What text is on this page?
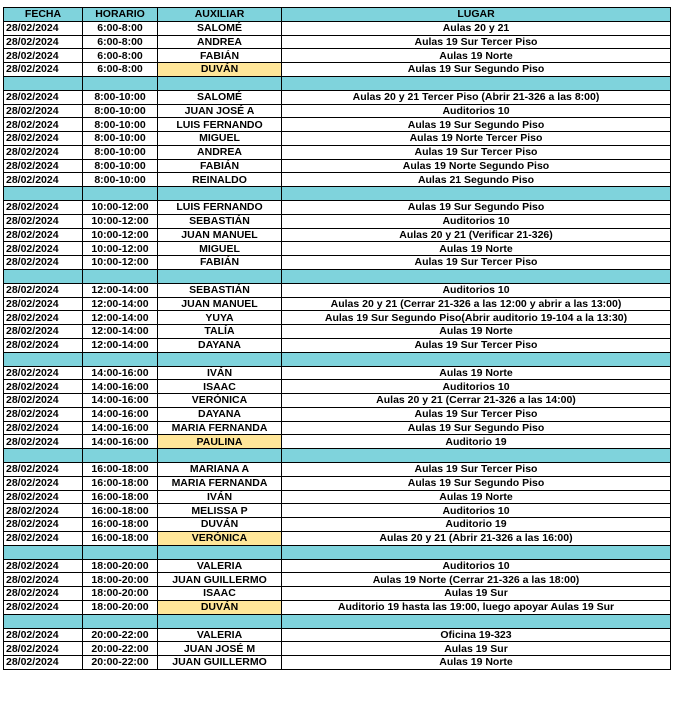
FECHA	HORARIO	AUXILIAR	LUGAR
28/02/2024	6:00-8:00	SALOMÉ	Aulas 20 y 21
28/02/2024	6:00-8:00	ANDREA	Aulas 19 Sur Tercer Piso
28/02/2024	6:00-8:00	FABIÁN	Aulas 19 Norte
28/02/2024	6:00-8:00	DUVÁN	Aulas 19 Sur Segundo Piso

28/02/2024	8:00-10:00	SALOMÉ	Aulas 20 y 21 Tercer Piso (Abrir 21-326 a las 8:00)
28/02/2024	8:00-10:00	JUAN JOSÉ A	Auditorios 10
28/02/2024	8:00-10:00	LUIS FERNANDO	Aulas 19 Sur Segundo Piso
28/02/2024	8:00-10:00	MIGUEL	Aulas 19 Norte Tercer Piso
28/02/2024	8:00-10:00	ANDREA	Aulas 19 Sur Tercer Piso
28/02/2024	8:00-10:00	FABIÁN	Aulas 19 Norte Segundo Piso
28/02/2024	8:00-10:00	REINALDO	Aulas 21 Segundo Piso

28/02/2024	10:00-12:00	LUIS FERNANDO	Aulas 19 Sur Segundo Piso
28/02/2024	10:00-12:00	SEBASTIÁN	Auditorios 10
28/02/2024	10:00-12:00	JUAN MANUEL	Aulas 20 y 21 (Verificar 21-326)
28/02/2024	10:00-12:00	MIGUEL	Aulas 19 Norte
28/02/2024	10:00-12:00	FABIÁN	Aulas 19 Sur Tercer Piso

28/02/2024	12:00-14:00	SEBASTIÁN	Auditorios 10
28/02/2024	12:00-14:00	JUAN MANUEL	Aulas 20 y 21 (Cerrar 21-326 a las 12:00 y abrir a las 13:00)
28/02/2024	12:00-14:00	YUYA	Aulas 19 Sur Segundo Piso(Abrir auditorio 19-104 a la 13:30)
28/02/2024	12:00-14:00	TALÍA	Aulas 19 Norte
28/02/2024	12:00-14:00	DAYANA	Aulas 19 Sur Tercer Piso

28/02/2024	14:00-16:00	IVÁN	Aulas 19 Norte
28/02/2024	14:00-16:00	ISAAC	Auditorios 10
28/02/2024	14:00-16:00	VERÓNICA	Aulas 20 y 21 (Cerrar 21-326 a las 14:00)
28/02/2024	14:00-16:00	DAYANA	Aulas 19 Sur Tercer Piso
28/02/2024	14:00-16:00	MARIA FERNANDA	Aulas 19 Sur Segundo Piso
28/02/2024	14:00-16:00	PAULINA	Auditorio 19

28/02/2024	16:00-18:00	MARIANA A	Aulas 19 Sur Tercer Piso
28/02/2024	16:00-18:00	MARIA FERNANDA	Aulas 19 Sur Segundo Piso
28/02/2024	16:00-18:00	IVÁN	Aulas 19 Norte
28/02/2024	16:00-18:00	MELISSA P	Auditorios 10
28/02/2024	16:00-18:00	DUVÁN	Auditorio 19
28/02/2024	16:00-18:00	VERÓNICA	Aulas 20 y 21 (Abrir 21-326 a las 16:00)

28/02/2024	18:00-20:00	VALERIA	Auditorios 10
28/02/2024	18:00-20:00	JUAN GUILLERMO	Aulas 19 Norte (Cerrar 21-326 a las 18:00)
28/02/2024	18:00-20:00	ISAAC	Aulas 19 Sur
28/02/2024	18:00-20:00	DUVÁN	Auditorio 19 hasta las 19:00, luego apoyar Aulas 19 Sur

28/02/2024	20:00-22:00	VALERIA	Oficina 19-323
28/02/2024	20:00-22:00	JUAN JOSÉ M	Aulas 19 Sur
28/02/2024	20:00-22:00	JUAN GUILLERMO	Aulas 19 Norte
